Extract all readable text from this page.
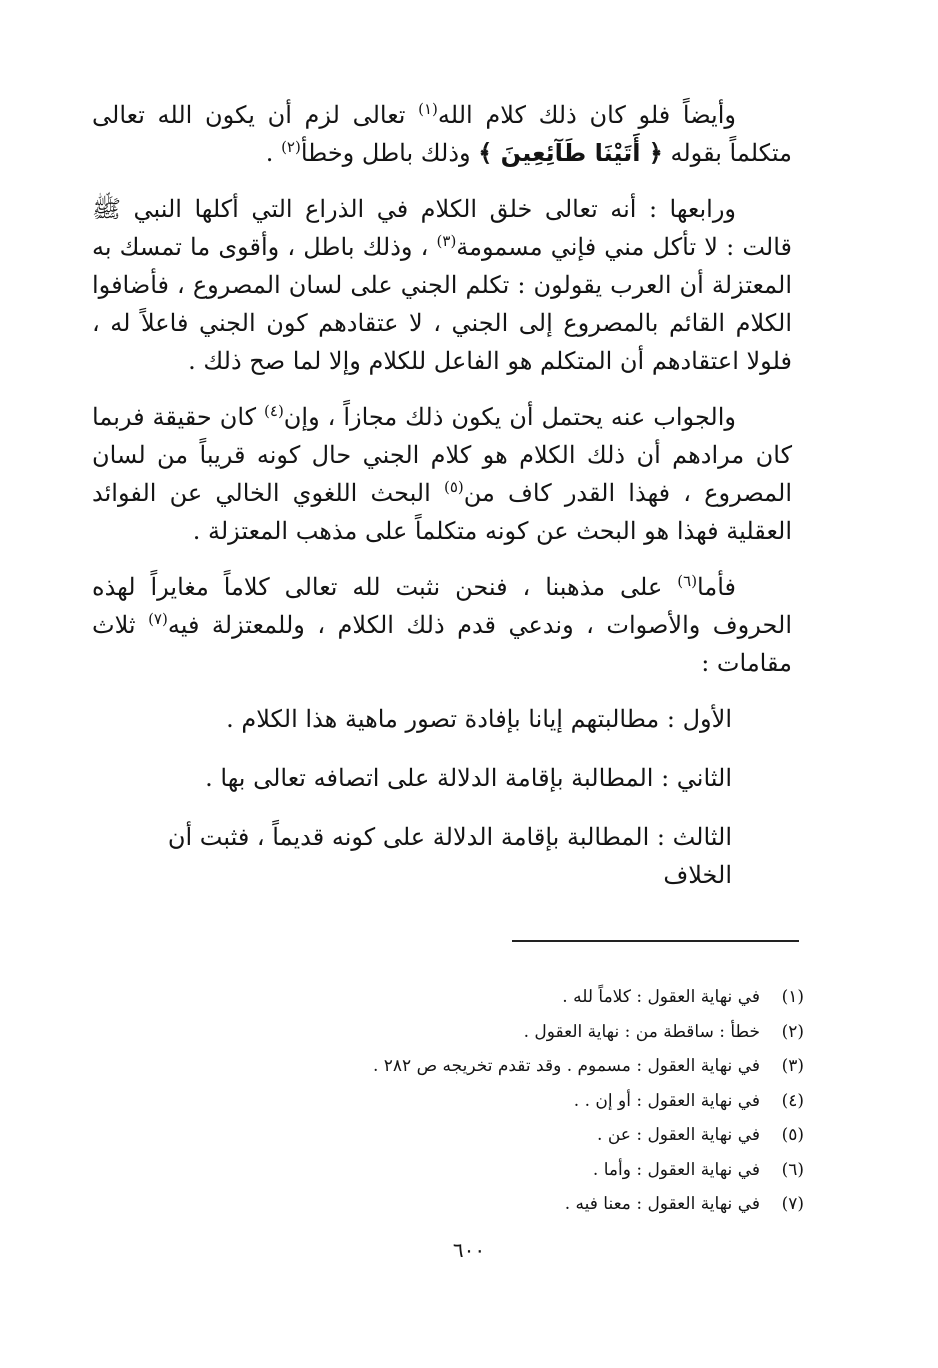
وأيضاً فلو كان ذلك كلام الله$^{(١)}$ تعالى لزم أن يكون الله تعالى متكلماً بقوله ﴿ أَتَيْنَا طَآئِعِينَ ﴾ وذلك باطل وخطأ$^{(٢)}$ .

ورابعها : أنه تعالى خلق الكلام في الذراع التي أكلها النبي ﷺ قالت : لا تأكل مني فإني مسمومة$^{(٣)}$ ، وذلك باطل ، وأقوى ما تمسك به المعتزلة أن العرب يقولون : تكلم الجني على لسان المصروع ، فأضافوا الكلام القائم بالمصروع إلى الجني ، لا عتقادهم كون الجني فاعلاً له ، فلولا اعتقادهم أن المتكلم هو الفاعل للكلام وإلا لما صح ذلك .

والجواب عنه يحتمل أن يكون ذلك مجازاً ، وإن$^{(٤)}$ كان حقيقة فربما كان مرادهم أن ذلك الكلام هو كلام الجني حال كونه قريباً من لسان المصروع ، فهذا القدر كاف من$^{(٥)}$ البحث اللغوي الخالي عن الفوائد العقلية فهذا هو البحث عن كونه متكلماً على مذهب المعتزلة .

فأما$^{(٦)}$ على مذهبنا ، فنحن نثبت لله تعالى كلاماً مغايراً لهذه الحروف والأصوات ، وندعي قدم ذلك الكلام ، وللمعتزلة فيه$^{(٧)}$ ثلاث مقامات :

الأول : مطالبتهم إيانا بإفادة تصور ماهية هذا الكلام .

الثاني : المطالبة بإقامة الدلالة على اتصافه تعالى بها .

الثالث : المطالبة بإقامة الدلالة على كونه قديماً ، فثبت أن الخلاف

(١)
في نهاية العقول : كلاماً لله .
(٢)
خطأ : ساقطة من : نهاية العقول .
(٣)
في نهاية العقول : مسموم . وقد تقدم تخريجه ص ٢٨٢ .
(٤)
في نهاية العقول : أو إن . .
(٥)
في نهاية العقول : عن .
(٦)
في نهاية العقول : وأما .
(٧)
في نهاية العقول : معنا فيه .
٦٠٠
